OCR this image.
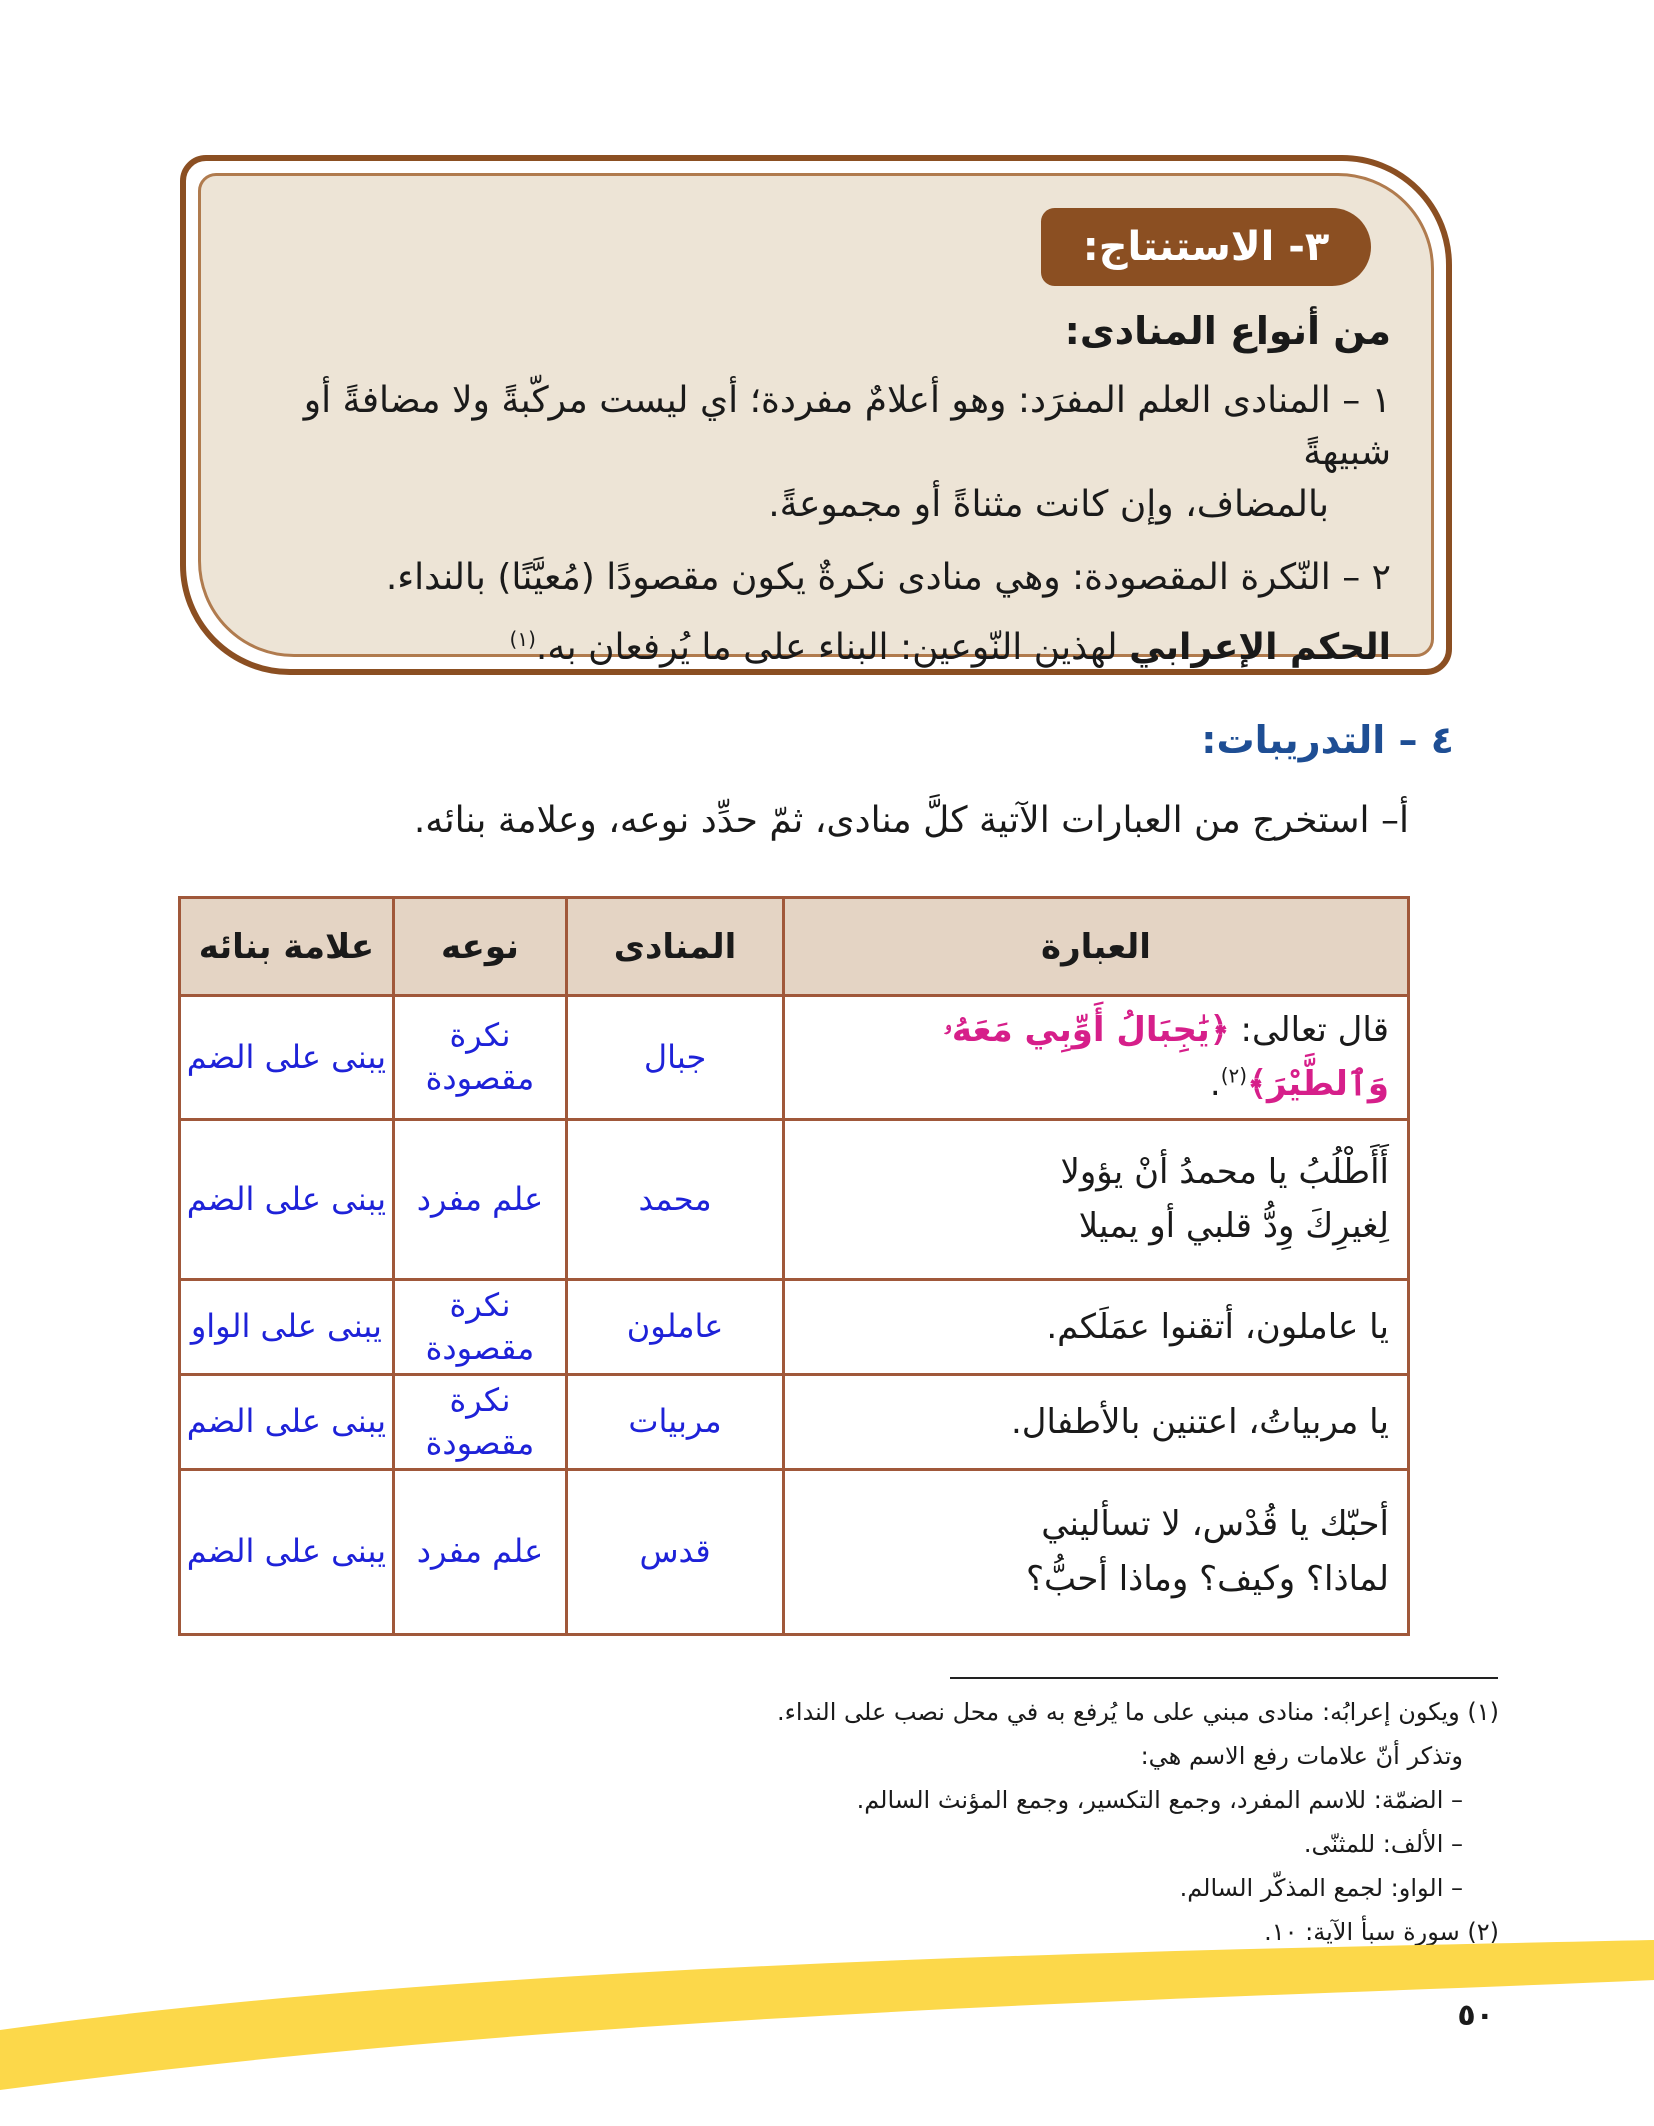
٣- الاستنتاج:

من أنواع المنادى:

١ – المنادى العلم المفرَد: وهو أعلامٌ مفردة؛ أي ليست مركّبةً ولا مضافةً أو شبيهةً

بالمضاف، وإن كانت مثناةً أو مجموعةً.

٢ – النّكرة المقصودة: وهي منادى نكرةٌ يكون مقصودًا (مُعيَّنًا) بالنداء.

الحكم الإعرابي لهذين النّوعين: البناء على ما يُرفعان به.$^{(١)}$

٤ – التدريبات:
أ– استخرج من العبارات الآتية كلَّ منادى، ثمّ حدِّد نوعه، وعلامة بنائه.
العبارة	المنادى	نوعه	علامة بنائه
قال تعالى: ﴿يَٰجِبَالُ أَوِّبِي مَعَهُۥ وَٱلطَّيْرَ﴾$^{(٢)}$.	جبال	نكرة مقصودة	يبنى على الضم

أَأَطْلُبُ يا محمدُ أنْ يؤولا
لِغيرِكَ وِدُّ قلبي أو يميلا	محمد	علم مفرد	يبنى على الضم
يا عاملون، أتقنوا عمَلَكم.	عاملون	نكرة مقصودة	يبنى على الواو
يا مربياتُ، اعتنين بالأطفال.	مربيات	نكرة مقصودة	يبنى على الضم

أحبّك يا قُدْس، لا تسأليني
لماذا؟ وكيف؟ وماذا أحبُّ؟	قدس	علم مفرد	يبنى على الضم

(١) ويكون إعرابُه: منادى مبني على ما يُرفع به في محل نصب على النداء.

وتذكر أنّ علامات رفع الاسم هي:

– الضمّة: للاسم المفرد، وجمع التكسير، وجمع المؤنث السالم.

– الألف: للمثنّى.

– الواو: لجمع المذكّر السالم.

(٢) سورة سبأ الآية: ١٠.

٥٠
